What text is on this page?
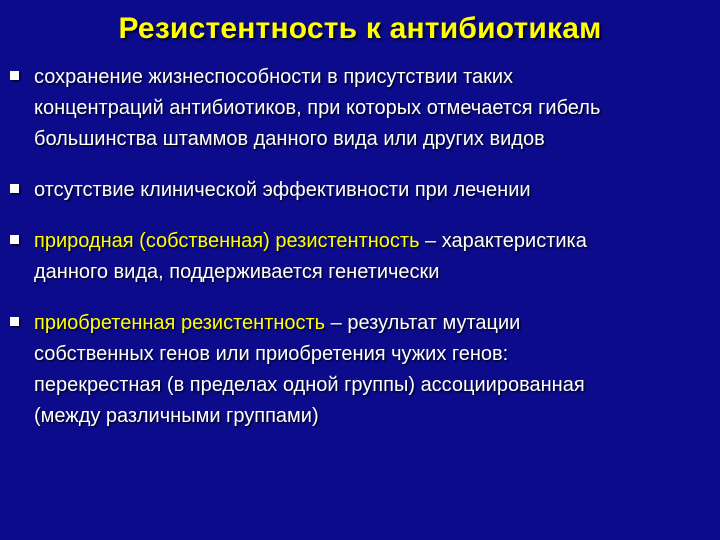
Резистентность к антибиотикам
сохранение жизнеспособности в присутствии таких
концентраций антибиотиков, при которых отмечается гибель
большинства штаммов данного вида или других видов
отсутствие клинической эффективности при лечении
природная (собственная) резистентность – характеристика
данного вида, поддерживается генетически
приобретенная резистентность – результат мутации
собственных генов или приобретения чужих генов:
перекрестная (в пределах одной группы) ассоциированная
(между различными группами)
